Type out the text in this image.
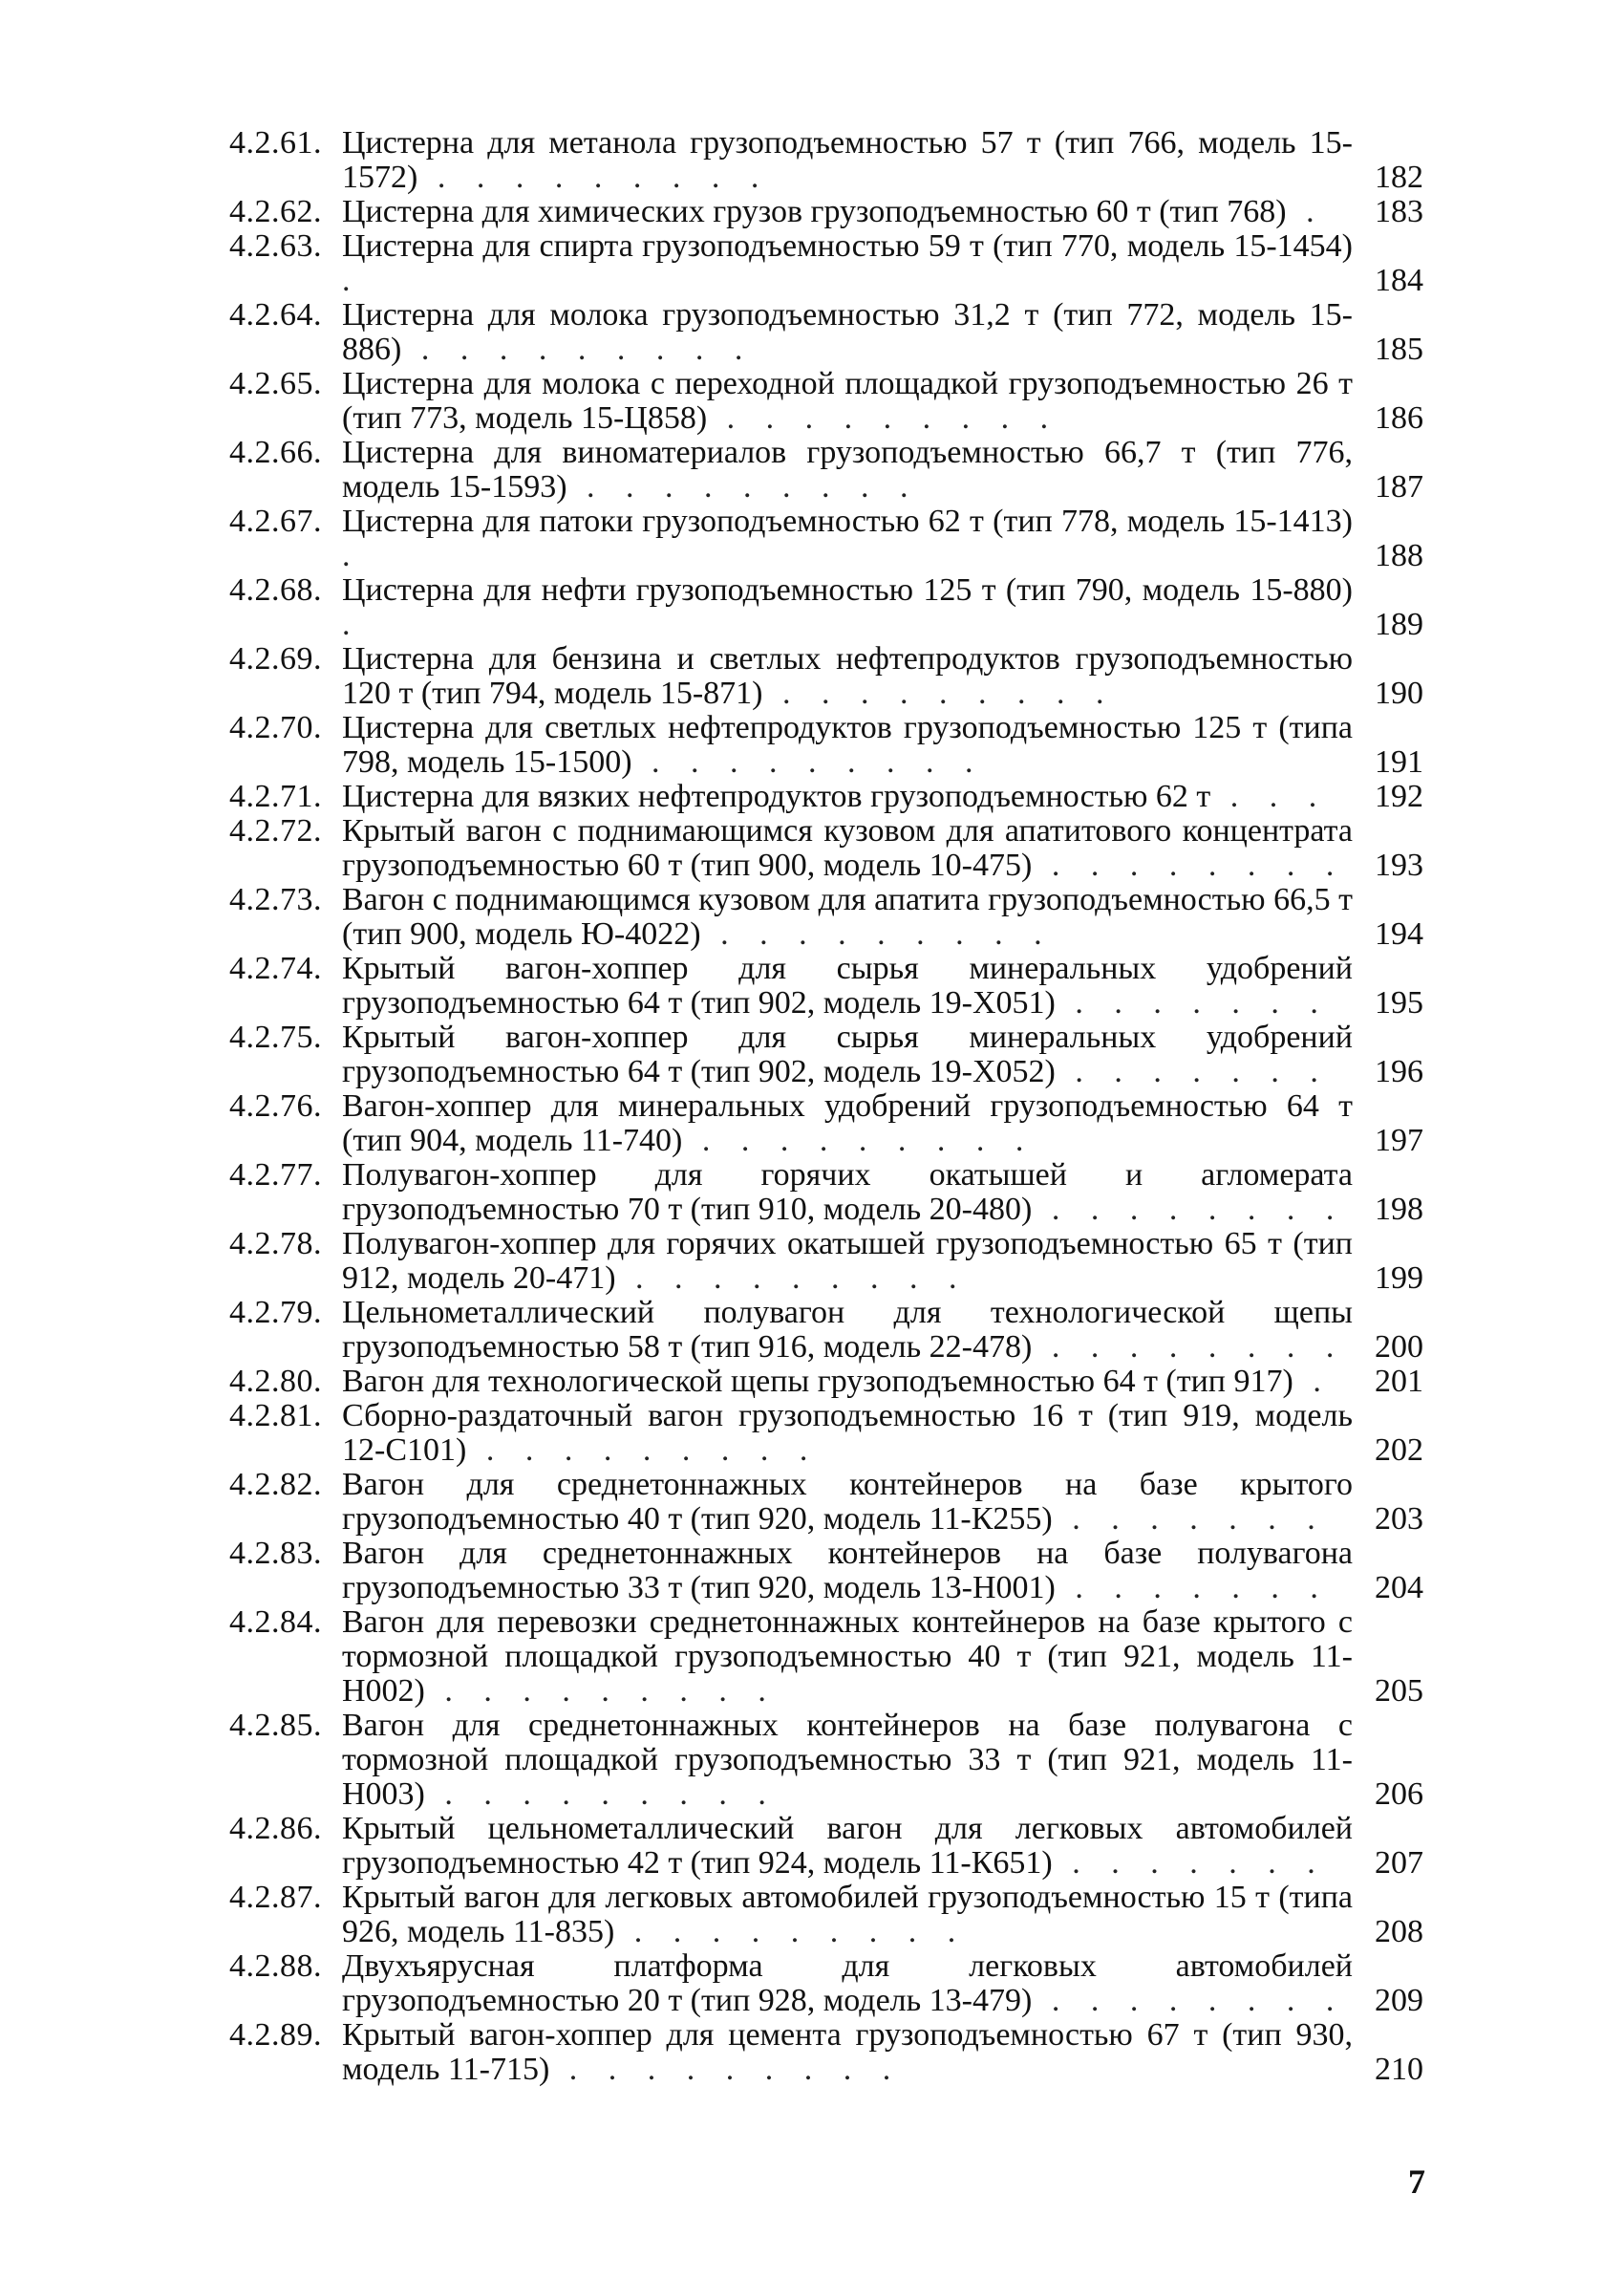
4.2.61. Цистерна для метанола грузоподъемностью 57 т (тип 766, модель 15-1572) . . . . . . . . .	182
4.2.62. Цистерна для химических грузов грузоподъемностью 60 т (тип 768) .	183
4.2.63. Цистерна для спирта грузоподъемностью 59 т (тип 770, модель 15-1454) .	184
4.2.64. Цистерна для молока грузоподъемностью 31,2 т (тип 772, модель 15-886) . . . . . . . . .	185
4.2.65. Цистерна для молока с переходной площадкой грузоподъемностью 26 т (тип 773, модель 15-Ц858) . . . . . . . . .	186
4.2.66. Цистерна для виноматериалов грузоподъемностью 66,7 т (тип 776, модель 15-1593) . . . . . . . . .	187
4.2.67. Цистерна для патоки грузоподъемностью 62 т (тип 778, модель 15-1413) .	188
4.2.68. Цистерна для нефти грузоподъемностью 125 т (тип 790, модель 15-880) .	189
4.2.69. Цистерна для бензина и светлых нефтепродуктов грузоподъемностью 120 т (тип 794, модель 15-871) . . . . . . . . .	190
4.2.70. Цистерна для светлых нефтепродуктов грузоподъемностью 125 т (типа 798, модель 15-1500) . . . . . . . . .	191
4.2.71. Цистерна для вязких нефтепродуктов грузоподъемностью 62 т . . .	192
4.2.72. Крытый вагон с поднимающимся кузовом для апатитового концентрата грузоподъемностью 60 т (тип 900, модель 10-475) . . . . . . . . 193
4.2.73. Вагон с поднимающимся кузовом для апатита грузоподъемностью 66,5 т (тип 900, модель Ю-4022) . . . . . . . . .	194
4.2.74. Крытый вагон-хоппер для сырья минеральных удобрений грузоподъемностью 64 т (тип 902, модель 19-Х051) . . . . . . .	195
4.2.75. Крытый вагон-хоппер для сырья минеральных удобрений грузоподъемностью 64 т (тип 902, модель 19-Х052) . . . . . . .	196
4.2.76. Вагон-хоппер для минеральных удобрений грузоподъемностью 64 т (тип 904, модель 11-740) . . . . . . . . .	197
4.2.77. Полувагон-хоппер для горячих окатышей и агломерата грузоподъемностью 70 т (тип 910, модель 20-480) . . . . . . . . 198
4.2.78. Полувагон-хоппер для горячих окатышей грузоподъемностью 65 т (тип 912, модель 20-471) . . . . . . . . .	199
4.2.79. Цельнометаллический полувагон для технологической щепы грузоподъемностью 58 т (тип 916, модель 22-478) . . . . . . . . 200
4.2.80. Вагон для технологической щепы грузоподъемностью 64 т (тип 917) .	201
4.2.81. Сборно-раздаточный вагон грузоподъемностью 16 т (тип 919, модель 12-С101) . . . . . . . . .	202
4.2.82. Вагон для среднетоннажных контейнеров на базе крытого грузоподъемностью 40 т (тип 920, модель 11-К255) . . . . . . .	203
4.2.83. Вагон для среднетоннажных контейнеров на базе полувагона грузоподъемностью 33 т (тип 920, модель 13-Н001) . . . . . . .	204
4.2.84. Вагон для перевозки среднетоннажных контейнеров на базе крытого с тормозной площадкой грузоподъемностью 40 т (тип 921, модель 11-Н002) . . . . . . . . .	205
4.2.85. Вагон для среднетоннажных контейнеров на базе полувагона с тормозной площадкой грузоподъемностью 33 т (тип 921, модель 11-Н003) . . . . . . . . .	206
4.2.86. Крытый цельнометаллический вагон для легковых автомобилей грузоподъемностью 42 т (тип 924, модель 11-К651) . . . . . . .	207
4.2.87. Крытый вагон для легковых автомобилей грузоподъемностью 15 т (типа 926, модель 11-835) . . . . . . . . .	208
4.2.88. Двухъярусная платформа для легковых автомобилей грузоподъемностью 20 т (тип 928, модель 13-479) . . . . . . . . 209
4.2.89. Крытый вагон-хоппер для цемента грузоподъемностью 67 т (тип 930, модель 11-715) . . . . . . . . .	210
7
